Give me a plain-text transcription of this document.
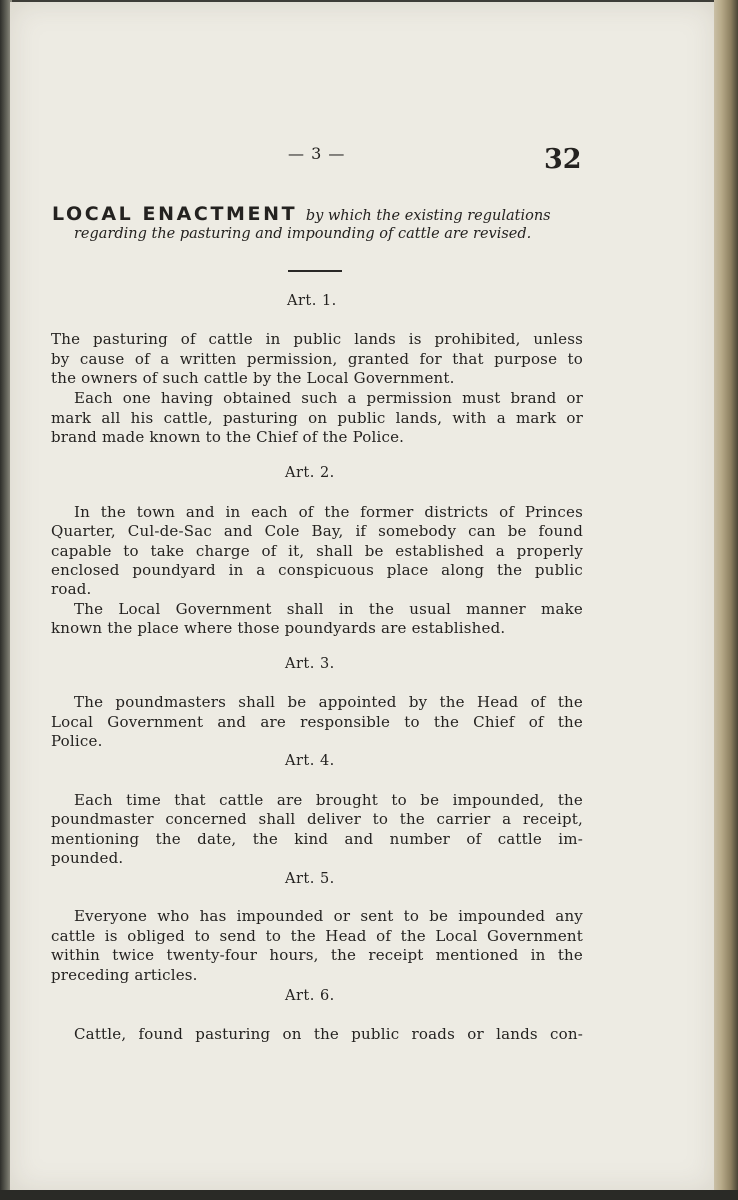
— 3 —	32
LOCAL ENACTMENT by which the existing regulations
regarding the pasturing and impounding of cattle are revised.
Art. 1.
The pasturing of cattle in public lands is prohibited, unless
by cause of a written permission, granted for that purpose to
the owners of such cattle by the Local Government.
Each one having obtained such a permission must brand or
mark all his cattle, pasturing on public lands, with a mark or
brand made known to the Chief of the Police.
Art. 2.
In the town and in each of the former districts of Princes
Quarter, Cul-de-Sac and Cole Bay, if somebody can be found
capable to take charge of it, shall be established a properly
enclosed poundyard in a conspicuous place along the public
road.
The Local Government shall in the usual manner make
known the place where those poundyards are established.
Art. 3.
The poundmasters shall be appointed by the Head of the
Local Government and are responsible to the Chief of the
Police.
Art. 4.
Each time that cattle are brought to be impounded, the
poundmaster concerned shall deliver to the carrier a receipt,
mentioning the date, the kind and number of cattle im-
pounded.
Art. 5.
Everyone who has impounded or sent to be impounded any
cattle is obliged to send to the Head of the Local Government
within twice twenty-four hours, the receipt mentioned in the
preceding articles.
Art. 6.
Cattle, found pasturing on the public roads or lands con-
